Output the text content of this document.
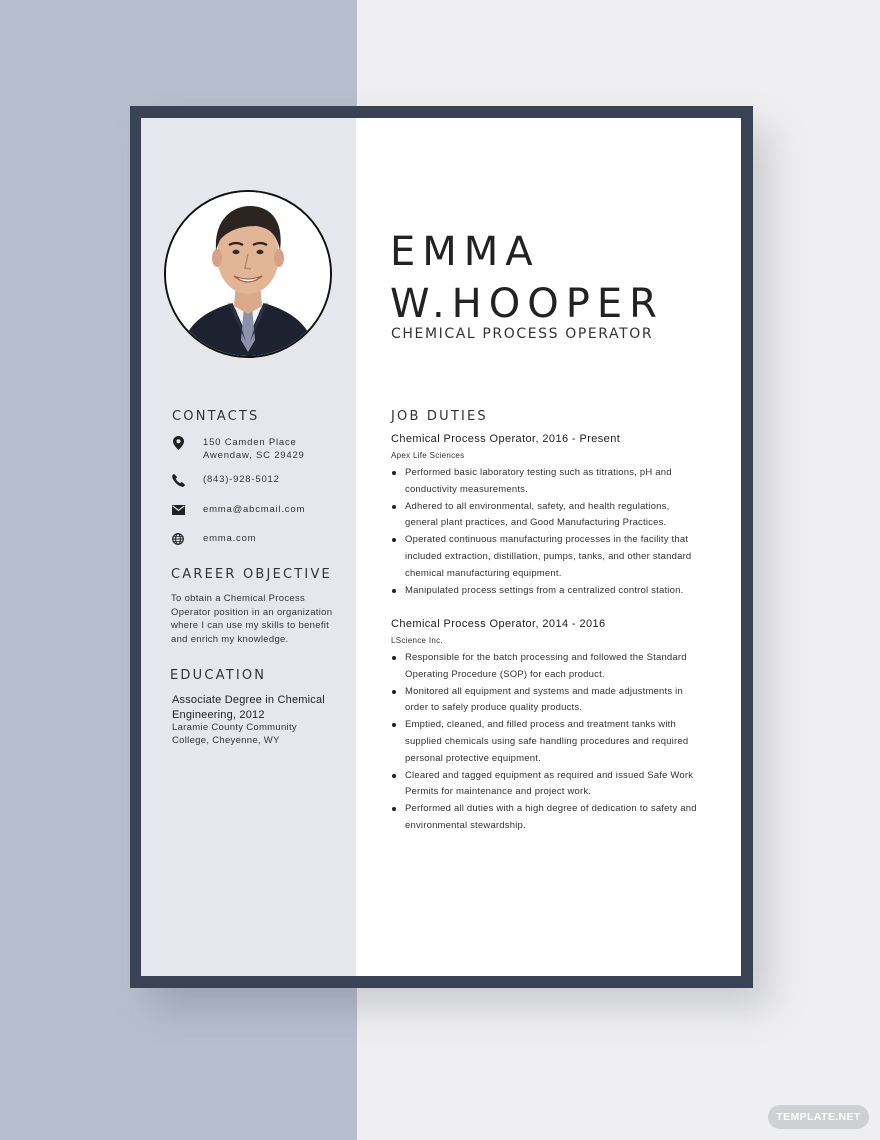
EMMA
W.HOOPER
CHEMICAL PROCESS OPERATOR
CONTACTS
150 Camden Place
Awendaw, SC 29429
(843)-928-5012
emma@abcmail.com
emma.com
CAREER OBJECTIVE
To obtain a Chemical Process
Operator position in an organization
where I can use my skills to benefit
and enrich my knowledge.
EDUCATION
Associate Degree in Chemical
Engineering, 2012
Laramie County Community
College, Cheyenne, WY
JOB DUTIES
Chemical Process Operator, 2016 - Present
Apex Life Sciences
Performed basic laboratory testing such as titrations, pH and
conductivity measurements.
Adhered to all environmental, safety, and health regulations,
general plant practices, and Good Manufacturing Practices.
Operated continuous manufacturing processes in the facility that
included extraction, distillation, pumps, tanks, and other standard
chemical manufacturing equipment.
Manipulated process settings from a centralized control station.
Chemical Process Operator, 2014 - 2016
LScience Inc.
Responsible for the batch processing and followed the Standard
Operating Procedure (SOP) for each product.
Monitored all equipment and systems and made adjustments in
order to safely produce quality products.
Emptied, cleaned, and filled process and treatment tanks with
supplied chemicals using safe handling procedures and required
personal protective equipment.
Cleared and tagged equipment as required and issued Safe Work
Permits for maintenance and project work.
Performed all duties with a high degree of dedication to safety and
environmental stewardship.
TEMPLATE.NET
